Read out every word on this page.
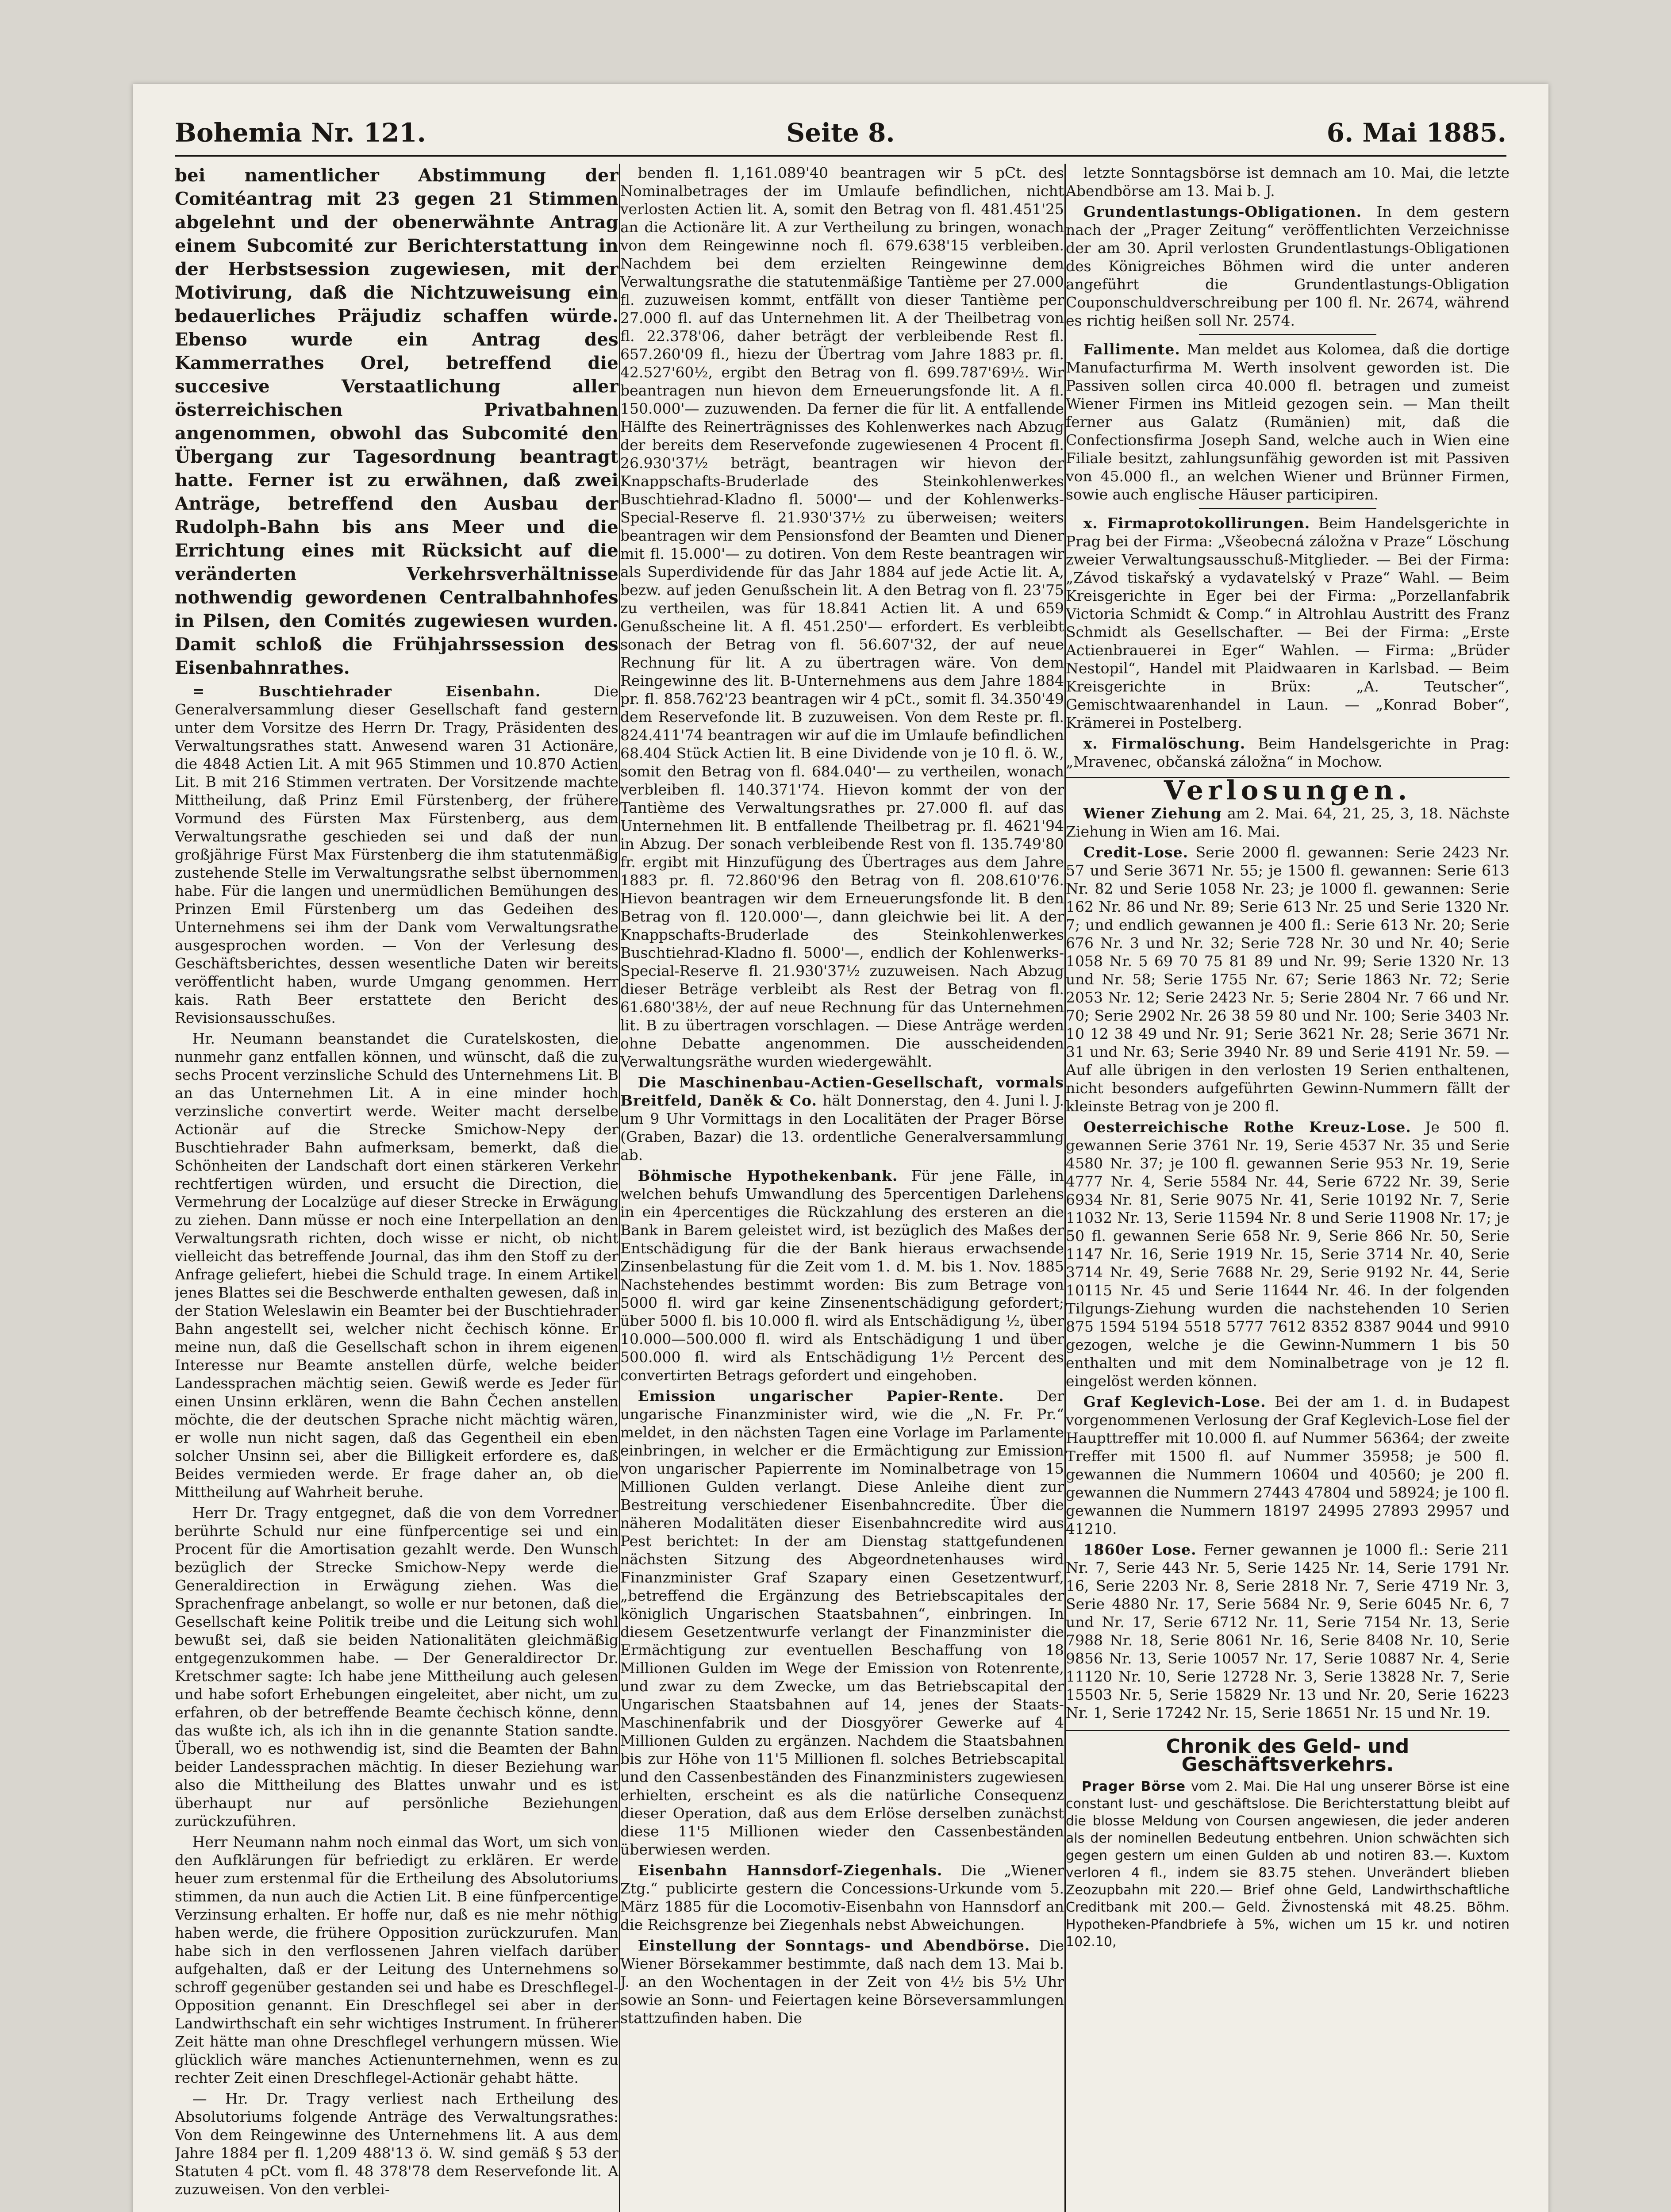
Bohemia Nr. 121.	Seite 8.	6. Mai 1885.

bei namentlicher Abstimmung der Comitéantrag mit 23 gegen 21 Stimmen abgelehnt und der obenerwähnte Antrag einem Subcomité zur Berichterstattung in der Herbstsession zugewiesen, mit der Motivirung, daß die Nichtzuweisung ein bedauerliches Präjudiz schaffen würde. Ebenso wurde ein Antrag des Kammerrathes Orel, betreffend die succesive Verstaatlichung aller österreichischen Privatbahnen angenommen, obwohl das Subcomité den Übergang zur Tagesordnung beantragt hatte. Ferner ist zu erwähnen, daß zwei Anträge, betreffend den Ausbau der Rudolph-Bahn bis ans Meer und die Errichtung eines mit Rücksicht auf die veränderten Verkehrsverhältnisse nothwendig gewordenen Centralbahnhofes in Pilsen, den Comités zugewiesen wurden. Damit schloß die Frühjahrssession des Eisenbahnrathes.

= Buschtiehrader Eisenbahn.	Die Generalversammlung dieser Gesellschaft fand gestern unter dem Vorsitze des Herrn Dr. Tragy, Präsidenten des Verwaltungsrathes statt. Anwesend waren 31 Actionäre, die 4848 Actien Lit. A mit 965 Stimmen und 10.870 Actien Lit. B mit 216 Stimmen vertraten. Der Vorsitzende machte Mittheilung, daß Prinz Emil Fürstenberg, der frühere Vormund des Fürsten Max Fürstenberg, aus dem Verwaltungsrathe geschieden sei und daß der nun großjährige Fürst Max Fürstenberg die ihm statutenmäßig zustehende Stelle im Verwaltungsrathe selbst übernommen habe. Für die langen und unermüdlichen Bemühungen des Prinzen Emil Fürstenberg um das Gedeihen des Unternehmens sei ihm der Dank vom Verwaltungsrathe ausgesprochen worden. — Von der Verlesung des Geschäftsberichtes, dessen wesentliche Daten wir bereits veröffentlicht haben, wurde Umgang genommen. Herr kais. Rath Beer erstattete den Bericht des Revisionsausschußes.

Hr. Neumann beanstandet die Curatelskosten, die nunmehr ganz entfallen können, und wünscht, daß die zu sechs Procent verzinsliche Schuld des Unternehmens Lit. B an das Unternehmen Lit. A in eine minder hoch verzinsliche convertirt werde. Weiter macht derselbe Actionär auf die Strecke Smichow-Nepy der Buschtiehrader Bahn aufmerksam, bemerkt, daß die Schönheiten der Landschaft dort einen stärkeren Verkehr rechtfertigen würden, und ersucht die Direction, die Vermehrung der Localzüge auf dieser Strecke in Erwägung zu ziehen. Dann müsse er noch eine Interpellation an den Verwaltungsrath richten, doch wisse er nicht, ob nicht vielleicht das betreffende Journal, das ihm den Stoff zu der Anfrage geliefert, hiebei die Schuld trage. In einem Artikel jenes Blattes sei die Beschwerde enthalten gewesen, daß in der Station Weleslawin ein Beamter bei der Buschtiehrader Bahn angestellt sei, welcher nicht čechisch könne. Er meine nun, daß die Gesellschaft schon in ihrem eigenen Interesse nur Beamte anstellen dürfe, welche beider Landessprachen mächtig seien. Gewiß werde es Jeder für einen Unsinn erklären, wenn die Bahn Čechen anstellen möchte, die der deutschen Sprache nicht mächtig wären, er wolle nun nicht sagen, daß das Gegentheil ein eben solcher Unsinn sei, aber die Billigkeit erfordere es, daß Beides vermieden werde. Er frage daher an, ob die Mittheilung auf Wahrheit beruhe.

Herr Dr. Tragy entgegnet, daß die von dem Vorredner berührte Schuld nur eine fünfpercentige sei und ein Procent für die Amortisation gezahlt werde. Den Wunsch bezüglich der Strecke Smichow-Nepy werde die Generaldirection in Erwägung ziehen. Was die Sprachenfrage anbelangt, so wolle er nur betonen, daß die Gesellschaft keine Politik treibe und die Leitung sich wohl bewußt sei, daß sie beiden Nationalitäten gleichmäßig entgegenzukommen habe. — Der Generaldirector Dr. Kretschmer sagte: Ich habe jene Mittheilung auch gelesen und habe sofort Erhebungen eingeleitet, aber nicht, um zu erfahren, ob der betreffende Beamte čechisch könne, denn das wußte ich, als ich ihn in die genannte Station sandte. Überall, wo es nothwendig ist, sind die Beamten der Bahn beider Landessprachen mächtig. In dieser Beziehung war also die Mittheilung des Blattes unwahr und es ist überhaupt nur auf persönliche Beziehungen zurückzuführen.

Herr Neumann nahm noch einmal das Wort, um sich von den Aufklärungen für befriedigt zu erklären. Er werde heuer zum erstenmal für die Ertheilung des Absolutoriums stimmen, da nun auch die Actien Lit. B eine fünfpercentige Verzinsung erhalten. Er hoffe nur, daß es nie mehr nöthig haben werde, die frühere Opposition zurückzurufen. Man habe sich in den verflossenen Jahren vielfach darüber aufgehalten, daß er der Leitung des Unternehmens so schroff gegenüber gestanden sei und habe es Dreschflegel-Opposition genannt. Ein Dreschflegel sei aber in der Landwirthschaft ein sehr wichtiges Instrument. In früherer Zeit hätte man ohne Dreschflegel verhungern müssen. Wie glücklich wäre manches Actienunternehmen, wenn es zu rechter Zeit einen Dreschflegel-Actionär gehabt hätte.

— Hr. Dr. Tragy verliest nach Ertheilung des Absolutoriums folgende Anträge des Verwaltungsrathes: Von dem Reingewinne des Unternehmens lit. A aus dem Jahre 1884 per fl. 1,209 488'13 ö. W. sind gemäß § 53 der Statuten 4 pCt. vom fl. 48 378'78 dem Reservefonde lit. A zuzuweisen. Von den verblei-

benden fl. 1,161.089'40 beantragen wir 5 pCt. des Nominalbetrages der im Umlaufe befindlichen, nicht verlosten Actien lit. A, somit den Betrag von fl. 481.451'25 an die Actionäre lit. A zur Vertheilung zu bringen, wonach von dem Reingewinne noch fl. 679.638'15 verbleiben. Nachdem bei dem erzielten Reingewinne dem Verwaltungsrathe die statutenmäßige Tantième per 27.000 fl. zuzuweisen kommt, entfällt von dieser Tantième per 27.000 fl. auf das Unternehmen lit. A der Theilbetrag von fl. 22.378'06, daher beträgt der verbleibende Rest fl. 657.260'09 fl., hiezu der Übertrag vom Jahre 1883 pr. fl. 42.527'60½, ergibt den Betrag von fl. 699.787'69½. Wir beantragen nun hievon dem Erneuerungsfonde lit. A fl. 150.000'— zuzuwenden. Da ferner die für lit. A entfallende Hälfte des Reinerträgnisses des Kohlenwerkes nach Abzug der bereits dem Reservefonde zugewiesenen 4 Procent fl. 26.930'37½ beträgt, beantragen wir hievon der Knappschafts-Bruderlade des Steinkohlenwerkes Buschtiehrad-Kladno fl. 5000'— und der Kohlenwerks-Special-Reserve fl. 21.930'37½ zu überweisen; weiters beantragen wir dem Pensionsfond der Beamten und Diener mit fl. 15.000'— zu dotiren. Von dem Reste beantragen wir als Superdividende für das Jahr 1884 auf jede Actie lit. A, bezw. auf jeden Genußschein lit. A den Betrag von fl. 23'75 zu vertheilen, was für 18.841 Actien lit. A und 659 Genußscheine lit. A fl. 451.250'— erfordert. Es verbleibt sonach der Betrag von fl. 56.607'32, der auf neue Rechnung für lit. A zu übertragen wäre. Von dem Reingewinne des lit. B-Unternehmens aus dem Jahre 1884 pr. fl. 858.762'23 beantragen wir 4 pCt., somit fl. 34.350'49 dem Reservefonde lit. B zuzuweisen. Von dem Reste pr. fl. 824.411'74 beantragen wir auf die im Umlaufe befindlichen 68.404 Stück Actien lit. B eine Dividende von je 10 fl. ö. W., somit den Betrag von fl. 684.040'— zu vertheilen, wonach verbleiben fl. 140.371'74. Hievon kommt der von der Tantième des Verwaltungsrathes pr. 27.000 fl. auf das Unternehmen lit. B entfallende Theilbetrag pr. fl. 4621'94 in Abzug. Der sonach verbleibende Rest von fl. 135.749'80 fr. ergibt mit Hinzufügung des Übertrages aus dem Jahre 1883 pr. fl. 72.860'96 den Betrag von fl. 208.610'76. Hievon beantragen wir dem Erneuerungsfonde lit. B den Betrag von fl. 120.000'—, dann gleichwie bei lit. A der Knappschafts-Bruderlade des Steinkohlenwerkes Buschtiehrad-Kladno fl. 5000'—, endlich der Kohlenwerks-Special-Reserve fl. 21.930'37½ zuzuweisen. Nach Abzug dieser Beträge verbleibt als Rest der Betrag von fl. 61.680'38½, der auf neue Rechnung für das Unternehmen lit. B zu übertragen vorschlagen. — Diese Anträge werden ohne Debatte angenommen. Die ausscheidenden Verwaltungsräthe wurden wiedergewählt.

Die Maschinenbau-Actien-Gesellschaft, vormals Breitfeld, Daněk & Co. hält Donnerstag, den 4. Juni l. J. um 9 Uhr Vormittags in den Localitäten der Prager Börse (Graben, Bazar) die 13. ordentliche Generalversammlung ab.

Böhmische Hypothekenbank. Für jene Fälle, in welchen behufs Umwandlung des 5percentigen Darlehens in ein 4percentiges die Rückzahlung des ersteren an die Bank in Barem geleistet wird, ist bezüglich des Maßes der Entschädigung für die der Bank hieraus erwachsende Zinsenbelastung für die Zeit vom 1. d. M. bis 1. Nov. 1885 Nachstehendes bestimmt worden: Bis zum Betrage von 5000 fl. wird gar keine Zinsenentschädigung gefordert; über 5000 fl. bis 10.000 fl. wird als Entschädigung ½, über 10.000—500.000 fl. wird als Entschädigung 1 und über 500.000 fl. wird als Entschädigung 1½ Percent des convertirten Betrags gefordert und eingehoben.

Emission ungarischer Papier-Rente. Der ungarische Finanzminister wird, wie die „N. Fr. Pr.“ meldet, in den nächsten Tagen eine Vorlage im Parlamente einbringen, in welcher er die Ermächtigung zur Emission von ungarischer Papierrente im Nominalbetrage von 15 Millionen Gulden verlangt. Diese Anleihe dient zur Bestreitung verschiedener Eisenbahncredite. Über die näheren Modalitäten dieser Eisenbahncredite wird aus Pest berichtet: In der am Dienstag stattgefundenen nächsten Sitzung des Abgeordnetenhauses wird Finanzminister Graf Szapary einen Gesetzentwurf, „betreffend die Ergänzung des Betriebscapitales der königlich Ungarischen Staatsbahnen“, einbringen. In diesem Gesetzentwurfe verlangt der Finanzminister die Ermächtigung zur eventuellen Beschaffung von 18 Millionen Gulden im Wege der Emission von Rotenrente, und zwar zu dem Zwecke, um das Betriebscapital der Ungarischen Staatsbahnen auf 14, jenes der Staats-Maschinenfabrik und der Diosgyörer Gewerke auf 4 Millionen Gulden zu ergänzen. Nachdem die Staatsbahnen bis zur Höhe von 11'5 Millionen fl. solches Betriebscapital und den Cassenbeständen des Finanzministers zugewiesen erhielten, erscheint es als die natürliche Consequenz dieser Operation, daß aus dem Erlöse derselben zunächst diese 11'5 Millionen wieder den Cassenbeständen überwiesen werden.

Eisenbahn Hannsdorf-Ziegenhals. Die „Wiener Ztg.“ publicirte gestern die Concessions-Urkunde vom 5. März 1885 für die Locomotiv-Eisenbahn von Hannsdorf an die Reichsgrenze bei Ziegenhals nebst Abweichungen.

Einstellung der Sonntags- und Abendbörse. Die Wiener Börsekammer bestimmte, daß nach dem 13. Mai b. J. an den Wochentagen in der Zeit von 4½ bis 5½ Uhr sowie an Sonn- und Feiertagen keine Börseversammlungen stattzufinden haben. Die

letzte Sonntagsbörse ist demnach am 10. Mai, die letzte Abendbörse am 13. Mai b. J.

Grundentlastungs-Obligationen. In dem gestern nach der „Prager Zeitung“ veröffentlichten Verzeichnisse der am 30. April verlosten Grundentlastungs-Obligationen des Königreiches Böhmen wird die unter anderen angeführt die Grundentlastungs-Obligation Couponschuldverschreibung per 100 fl. Nr. 2674, während es richtig heißen soll Nr. 2574.

Fallimente. Man meldet aus Kolomea, daß die dortige Manufacturfirma M. Werth insolvent geworden ist. Die Passiven sollen circa 40.000 fl. betragen und zumeist Wiener Firmen ins Mitleid gezogen sein. — Man theilt ferner aus Galatz (Rumänien) mit, daß die Confectionsfirma Joseph Sand, welche auch in Wien eine Filiale besitzt, zahlungsunfähig geworden ist mit Passiven von 45.000 fl., an welchen Wiener und Brünner Firmen, sowie auch englische Häuser participiren.

x. Firmaprotokollirungen. Beim Handelsgerichte in Prag bei der Firma: „Všeobecná záložna v Praze“ Löschung zweier Verwaltungsausschuß-Mitglieder. — Bei der Firma: „Závod tiskařský a vydavatelský v Praze“ Wahl. — Beim Kreisgerichte in Eger bei der Firma: „Porzellanfabrik Victoria Schmidt & Comp.“ in Altrohlau Austritt des Franz Schmidt als Gesellschafter. — Bei der Firma: „Erste Actienbrauerei in Eger“ Wahlen. — Firma: „Brüder Nestopil“, Handel mit Plaidwaaren in Karlsbad. — Beim Kreisgerichte in Brüx: „A. Teutscher“, Gemischtwaarenhandel in Laun. — „Konrad Bober“, Krämerei in Postelberg.

x. Firmalöschung. Beim Handelsgerichte in Prag: „Mravenec, občanská záložna“ in Mochow.

Verlosungen.

Wiener Ziehung am 2. Mai. 64, 21, 25, 3, 18. Nächste Ziehung in Wien am 16. Mai.

Credit-Lose. Serie 2000 fl. gewannen: Serie 2423 Nr. 57 und Serie 3671 Nr. 55; je 1500 fl. gewannen: Serie 613 Nr. 82 und Serie 1058 Nr. 23; je 1000 fl. gewannen: Serie 162 Nr. 86 und Nr. 89; Serie 613 Nr. 25 und Serie 1320 Nr. 7; und endlich gewannen je 400 fl.: Serie 613 Nr. 20; Serie 676 Nr. 3 und Nr. 32; Serie 728 Nr. 30 und Nr. 40; Serie 1058 Nr. 5 69 70 75 81 89 und Nr. 99; Serie 1320 Nr. 13 und Nr. 58; Serie 1755 Nr. 67; Serie 1863 Nr. 72; Serie 2053 Nr. 12; Serie 2423 Nr. 5; Serie 2804 Nr. 7 66 und Nr. 70; Serie 2902 Nr. 26 38 59 80 und Nr. 100; Serie 3403 Nr. 10 12 38 49 und Nr. 91; Serie 3621 Nr. 28; Serie 3671 Nr. 31 und Nr. 63; Serie 3940 Nr. 89 und Serie 4191 Nr. 59. — Auf alle übrigen in den verlosten 19 Serien enthaltenen, nicht besonders aufgeführten Gewinn-Nummern fällt der kleinste Betrag von je 200 fl.

Oesterreichische Rothe Kreuz-Lose. Je 500 fl. gewannen Serie 3761 Nr. 19, Serie 4537 Nr. 35 und Serie 4580 Nr. 37; je 100 fl. gewannen Serie 953 Nr. 19, Serie 4777 Nr. 4, Serie 5584 Nr. 44, Serie 6722 Nr. 39, Serie 6934 Nr. 81, Serie 9075 Nr. 41, Serie 10192 Nr. 7, Serie 11032 Nr. 13, Serie 11594 Nr. 8 und Serie 11908 Nr. 17; je 50 fl. gewannen Serie 658 Nr. 9, Serie 866 Nr. 50, Serie 1147 Nr. 16, Serie 1919 Nr. 15, Serie 3714 Nr. 40, Serie 3714 Nr. 49, Serie 7688 Nr. 29, Serie 9192 Nr. 44, Serie 10115 Nr. 45 und Serie 11644 Nr. 46. In der folgenden Tilgungs-Ziehung wurden die nachstehenden 10 Serien 875 1594 5194 5518 5777 7612 8352 8387 9044 und 9910 gezogen, welche je die Gewinn-Nummern 1 bis 50 enthalten und mit dem Nominalbetrage von je 12 fl. eingelöst werden können.

Graf Keglevich-Lose. Bei der am 1. d. in Budapest vorgenommenen Verlosung der Graf Keglevich-Lose fiel der Haupttreffer mit 10.000 fl. auf Nummer 56364; der zweite Treffer mit 1500 fl. auf Nummer 35958; je 500 fl. gewannen die Nummern 10604 und 40560; je 200 fl. gewannen die Nummern 27443 47804 und 58924; je 100 fl. gewannen die Nummern 18197 24995 27893 29957 und 41210.

1860er Lose. Ferner gewannen je 1000 fl.: Serie 211 Nr. 7, Serie 443 Nr. 5, Serie 1425 Nr. 14, Serie 1791 Nr. 16, Serie 2203 Nr. 8, Serie 2818 Nr. 7, Serie 4719 Nr. 3, Serie 4880 Nr. 17, Serie 5684 Nr. 9, Serie 6045 Nr. 6, 7 und Nr. 17, Serie 6712 Nr. 11, Serie 7154 Nr. 13, Serie 7988 Nr. 18, Serie 8061 Nr. 16, Serie 8408 Nr. 10, Serie 9856 Nr. 13, Serie 10057 Nr. 17, Serie 10887 Nr. 4, Serie 11120 Nr. 10, Serie 12728 Nr. 3, Serie 13828 Nr. 7, Serie 15503 Nr. 5, Serie 15829 Nr. 13 und Nr. 20, Serie 16223 Nr. 1, Serie 17242 Nr. 15, Serie 18651 Nr. 15 und Nr. 19.

Chronik des Geld- und Geschäftsverkehrs.

Prager Börse vom 2. Mai. Die Hal ung unserer Börse ist eine constant lust- und geschäftslose. Die Berichterstattung bleibt auf die blosse Meldung von Coursen angewiesen, die jeder anderen als der nominellen Bedeutung entbehren. Union schwächten sich gegen gestern um einen Gulden ab und notiren 83.—. Kuxtom verloren 4 fl., indem sie 83.75 stehen. Unverändert blieben Zeozupbahn mit 220.— Brief ohne Geld, Landwirthschaftliche Creditbank mit 200.— Geld. Živnostenská mit 48.25. Böhm. Hypotheken-Pfandbriefe à 5%, wichen um 15 kr. und notiren 102.10,
